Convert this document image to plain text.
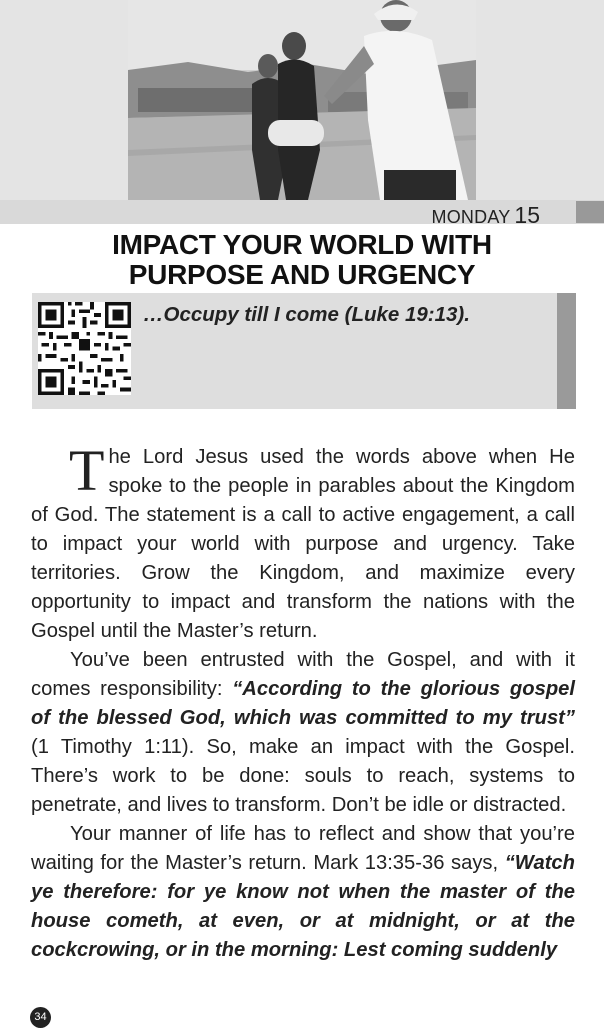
MONDAY 15
IMPACT YOUR WORLD WITH
PURPOSE AND URGENCY
…Occupy till I come (Luke 19:13).

The Lord Jesus used the words above when He spoke to the people in parables about the Kingdom of God. The statement is a call to active engagement, a call to impact your world with purpose and urgency. Take territories. Grow the Kingdom, and maximize every opportunity to impact and transform the nations with the Gospel until the Master’s return.

You’ve been entrusted with the Gospel, and with it comes responsibility: “According to the glorious gospel of the blessed God, which was committed to my trust” (1 Timothy 1:11). So, make an impact with the Gospel. There’s work to be done: souls to reach, systems to penetrate, and lives to transform. Don’t be idle or distracted.

Your manner of life has to reflect and show that you’re waiting for the Master’s return. Mark 13:35-36 says, “Watch ye therefore: for ye know not when the master of the house cometh, at even, or at midnight, or at the cockcrowing, or in the morning: Lest coming suddenly

34
